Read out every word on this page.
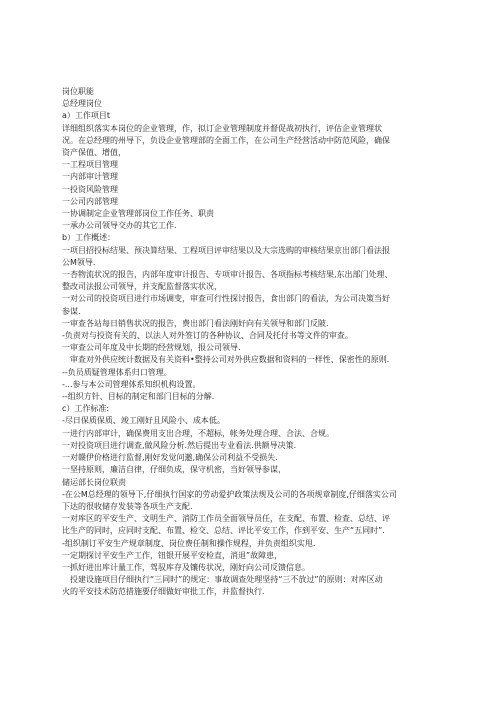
岗位职能
总经理岗位
a）工作项目t
详细组织落实本岗位的企业管理，作，拟订企业管理制度并督促战初执行，评估企业管理状
况。在总经理的州导下，负设企业管理部的全面工作，在公司生产经营活动中防范风险，确保
资产保值、增值，
一工程项目管理
一内部审计管理
一投资风险管理
一公司内部管理
一协调制定企业管理部岗位工作任务、职责
一承办公司领导交办的其它工作.
b）工作概述：
一项目招投标结果、预决算结果、工程项目评审结果以及大宗选购的审核结果京出部门看法报
公M领导.
一杏物流状况的报告，内部年度审计报告、专项审计报告、各项指标考核结果,东出部门处理、
整改司法报公司领导，并支配监督落实状况，
一对公司的投资项目进行市场调变，审查可行性探讨报告，食出部门的看法，为公司决策当好
参谋.
一审查各站每日销售状况的报告，费出部门看法刚好向有关领导和部门反陂.
-负责对与投资有关的、以法人对外签订的各种协议、合同及托付书等文件的审查。
一审查公司年度及中长期的经营规划，报公司领导.
审查对外供应统计数据及有关资料•整持公司对外供应数据和资料的一样性、保密性的原则.
--负员质疑管理体系归口管理。
-...参与本公司管理体系知织机构设置。
--组织方针、目标的制定和部门目标的分解.
c）工作标准:
-尽日保质保质、竣工刚好且风险小、成本低。
一进行内部审计，确保费用支出合理，不超标，帐务处理合理、合法、合规。
一对投资项目进行调查,做风险分析.然后提出专业看法.供额导决策.
一对赣伊价格进行监督,刚好发觉问邀,确保公司利益不受损失.
一坚持原则，廉洁自律，仔细负成，保守机密，当好领导参谋，
储运部长岗位联责
-在公M总经理的领导下,仔细执行国家的劳动爱护政策法规及公司的各项规章制度,仔细落实公司
下达的很收储存发装等各项生产支配.
一对库区的平安生产、文明生产、消防工作员全面领导员任，在支配、布置、检查、总结、评
比生产的同时，应同时支配、布置、检交、总结、评比平安工作，作到平安、生产“五同时”.
-组织制订平安生产规章制度、岗位费任制和操作规程，并负责组织实甩.
一定期探讨平安生产工作，钮银开展平安检直，消退”故障患，
一抓好进出库计量工作，驾驭库存及镶传状况，刚好向公司反馈信息。
投建设施项目仔细执行“三同时”的规定：事故调查处理坚持“三不放过”的原则：对库区动
火的平安技术防范措施要仔细做好审批工作，并监督执行.
